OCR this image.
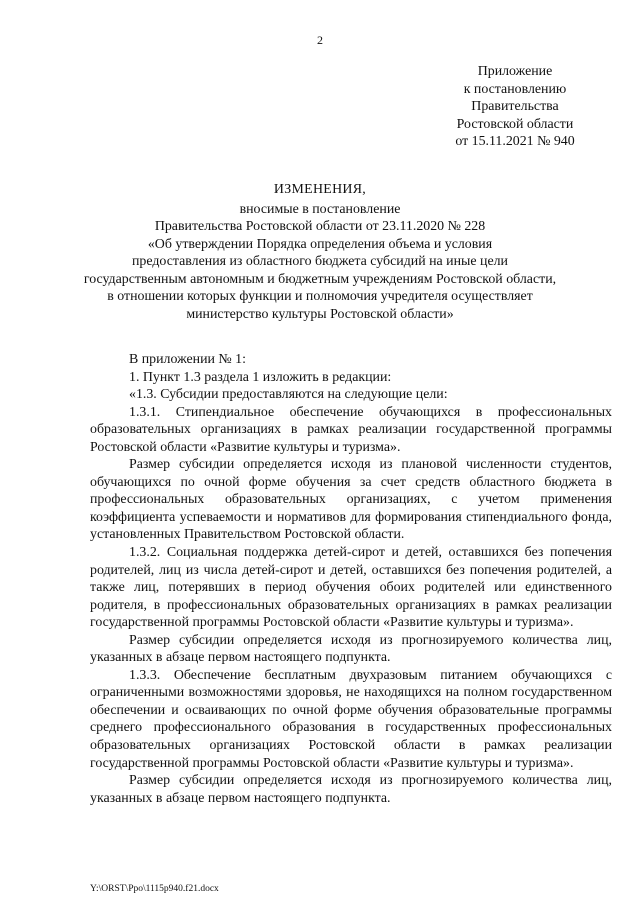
2
Приложение
к постановлению
Правительства
Ростовской области
от 15.11.2021 № 940
ИЗМЕНЕНИЯ,
вносимые в постановление
Правительства Ростовской области от 23.11.2020 № 228
«Об утверждении Порядка определения объема и условия
предоставления из областного бюджета субсидий на иные цели
государственным автономным и бюджетным учреждениям Ростовской области,
в отношении которых функции и полномочия учредителя осуществляет
министерство культуры Ростовской области»

В приложении № 1:

1. Пункт 1.3 раздела 1 изложить в редакции:

«1.3. Субсидии предоставляются на следующие цели:

1.3.1. Стипендиальное обеспечение обучающихся в профессиональных образовательных организациях в рамках реализации государственной программы Ростовской области «Развитие культуры и туризма».

Размер субсидии определяется исходя из плановой численности студентов, обучающихся по очной форме обучения за счет средств областного бюджета в профессиональных образовательных организациях, с учетом применения коэффициента успеваемости и нормативов для формирования стипендиального фонда, установленных Правительством Ростовской области.

1.3.2. Социальная поддержка детей-сирот и детей, оставшихся без попечения родителей, лиц из числа детей-сирот и детей, оставшихся без попечения родителей, а также лиц, потерявших в период обучения обоих родителей или единственного родителя, в профессиональных образовательных организациях в рамках реализации государственной программы Ростовской области «Развитие культуры и туризма».

Размер субсидии определяется исходя из прогнозируемого количества лиц, указанных в абзаце первом настоящего подпункта.

1.3.3. Обеспечение бесплатным двухразовым питанием обучающихся с ограниченными возможностями здоровья, не находящихся на полном государственном обеспечении и осваивающих по очной форме обучения образовательные программы среднего профессионального образования в государственных профессиональных образовательных организациях Ростовской области в рамках реализации государственной программы Ростовской области «Развитие культуры и туризма».

Размер субсидии определяется исходя из прогнозируемого количества лиц, указанных в абзаце первом настоящего подпункта.

Y:\ORST\Ppo\1115p940.f21.docx
